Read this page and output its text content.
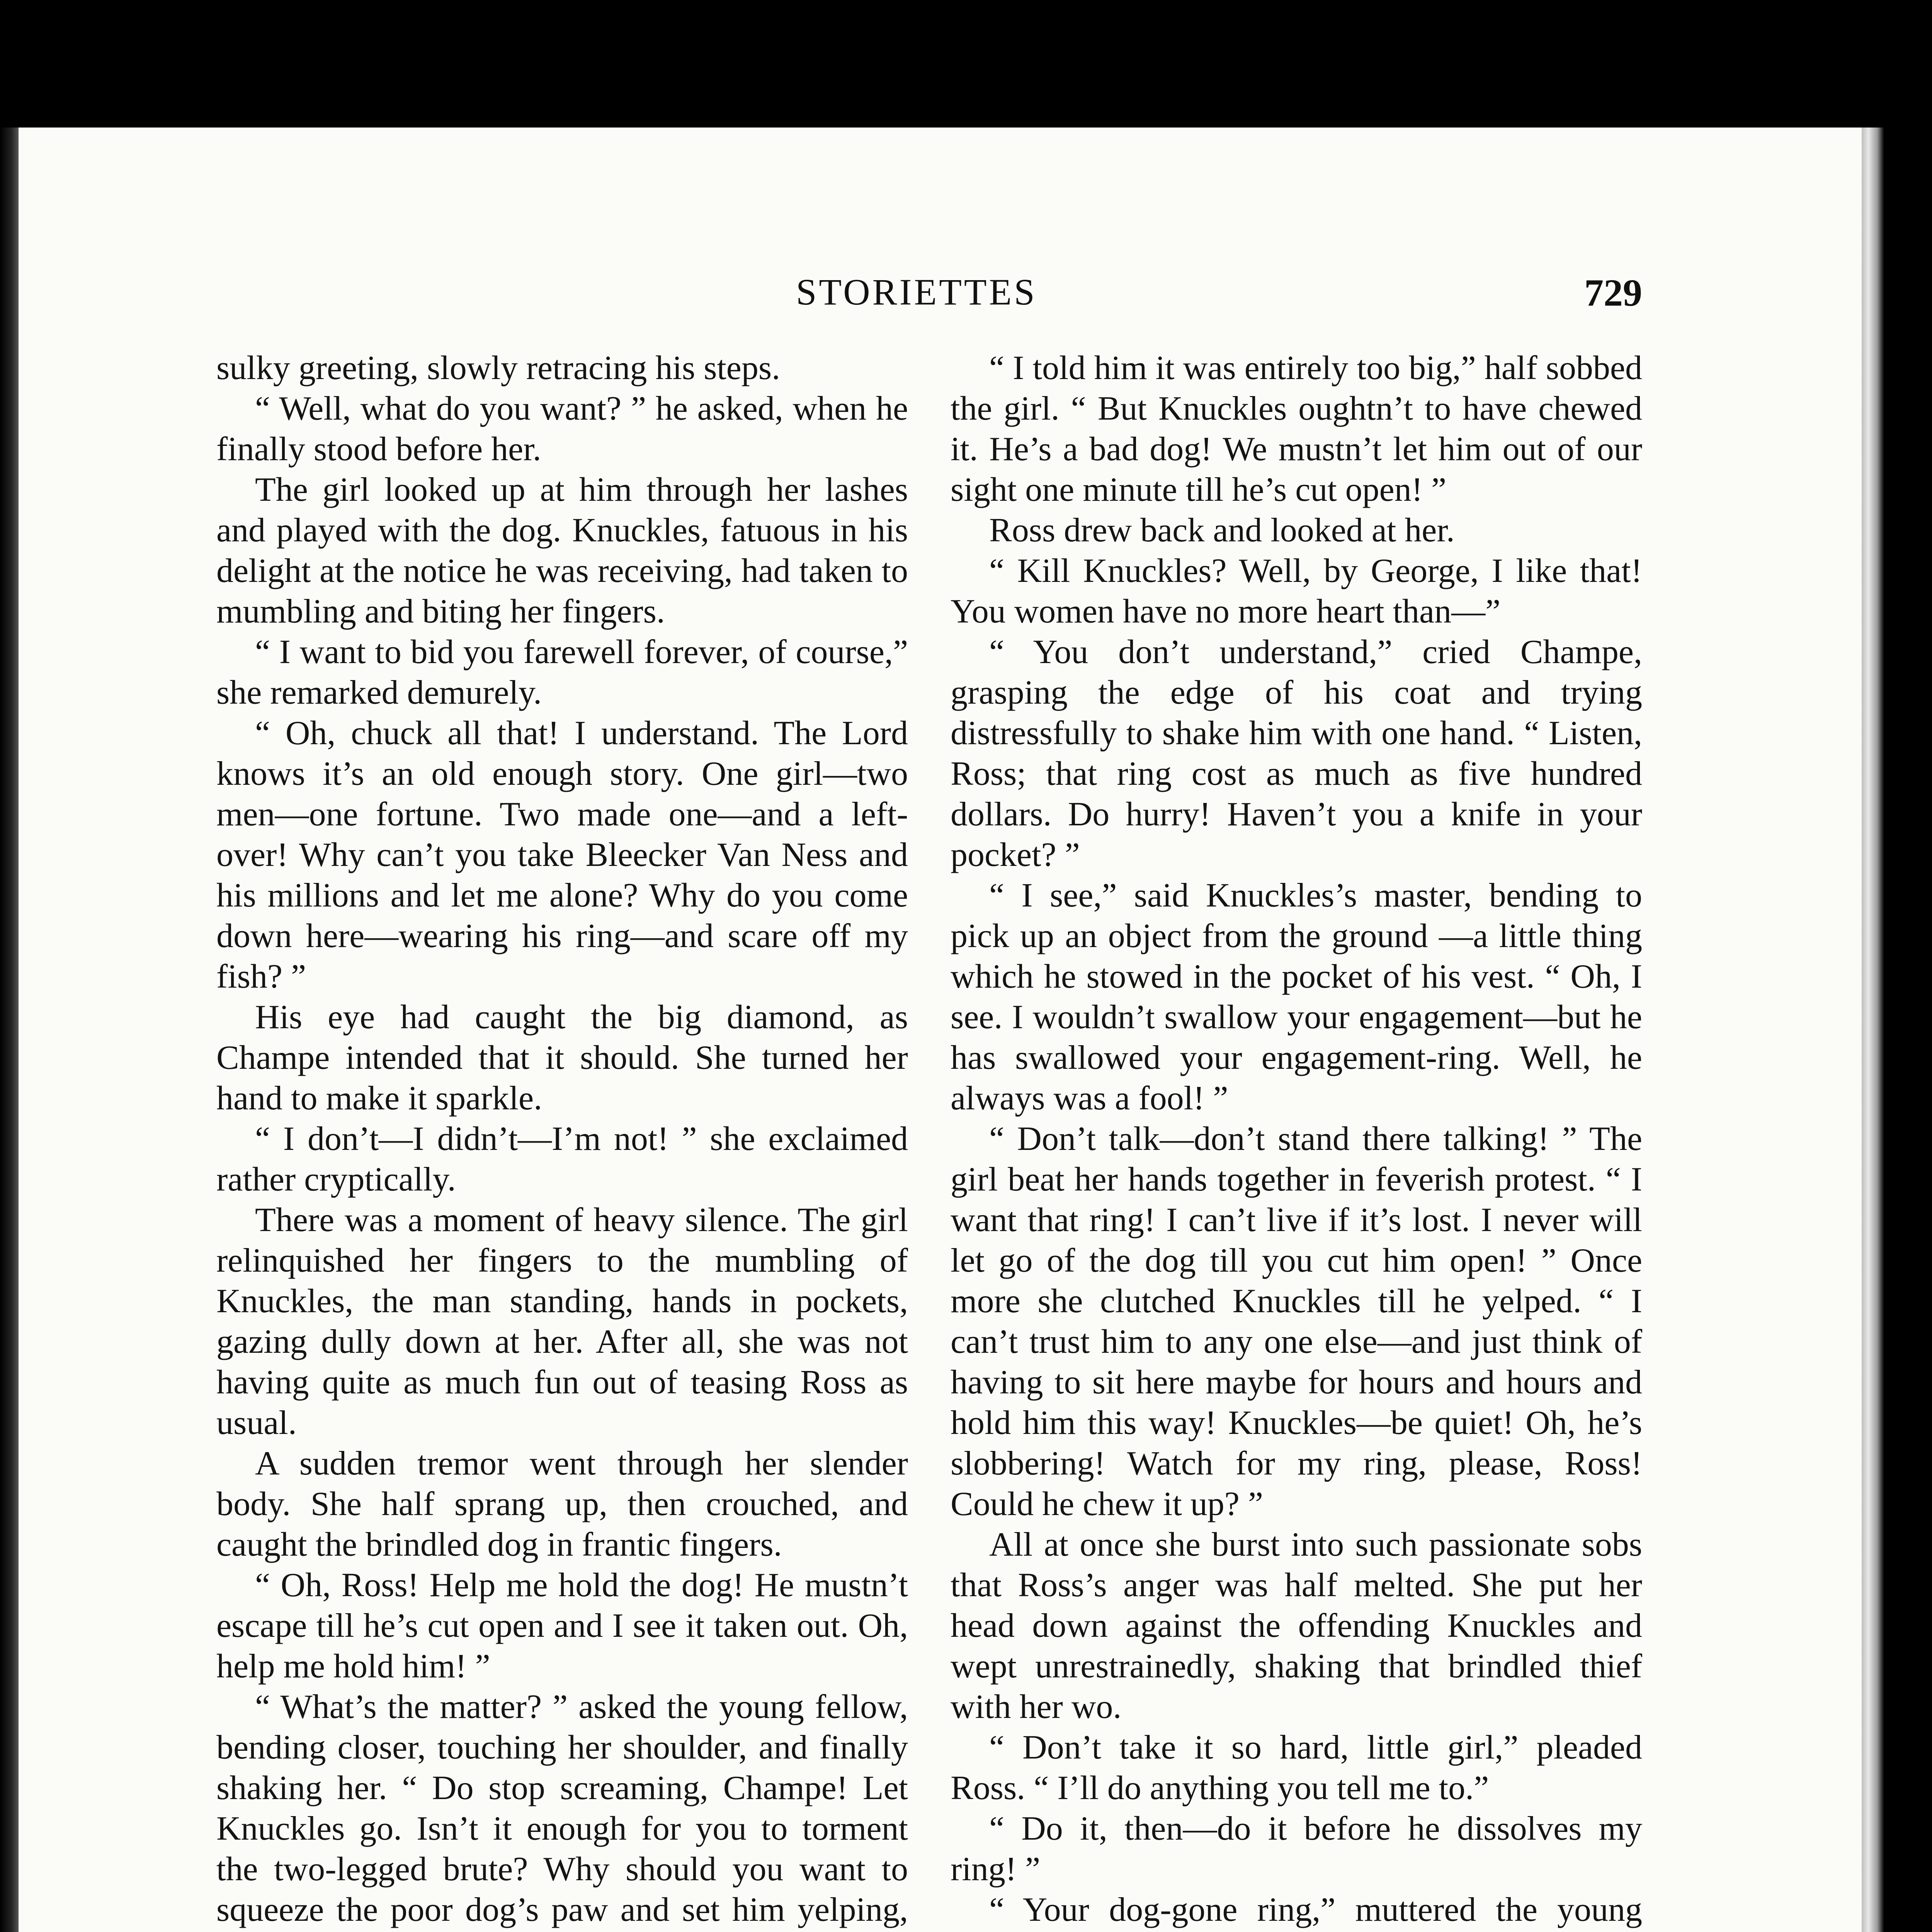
STORIETTES	729

sulky greeting, slowly retracing his steps.

“ Well, what do you want? ” he asked, when he finally stood before her.

The girl looked up at him through her lashes and played with the dog. Knuckles, fatuous in his delight at the notice he was receiving, had taken to mumbling and biting her fingers.

“ I want to bid you farewell forever, of course,” she remarked demurely.

“ Oh, chuck all that! I understand. The Lord knows it’s an old enough story. One girl—two men—one fortune. Two made one—and a left-over! Why can’t you take Bleecker Van Ness and his millions and let me alone? Why do you come down here—wearing his ring—and scare off my fish? ”

His eye had caught the big diamond, as Champe intended that it should. She turned her hand to make it sparkle.

“ I don’t—I didn’t—I’m not! ” she exclaimed rather cryptically.

There was a moment of heavy silence. The girl relinquished her fingers to the mumbling of Knuckles, the man standing, hands in pockets, gazing dully down at her. After all, she was not having quite as much fun out of teasing Ross as usual.

A sudden tremor went through her slender body. She half sprang up, then crouched, and caught the brindled dog in frantic fingers.

“ Oh, Ross! Help me hold the dog! He mustn’t escape till he’s cut open and I see it taken out. Oh, help me hold him! ”

“ What’s the matter? ” asked the young fellow, bending closer, touching her shoulder, and finally shaking her. “ Do stop screaming, Champe! Let Knuckles go. Isn’t it enough for you to torment the two-legged brute? Why should you want to squeeze the poor dog’s paw and set him yelping,

“ I told him it was entirely too big,” half sobbed the girl. “ But Knuckles oughtn’t to have chewed it. He’s a bad dog! We mustn’t let him out of our sight one minute till he’s cut open! ”

Ross drew back and looked at her.

“ Kill Knuckles? Well, by George, I like that! You women have no more heart than—”

“ You don’t understand,” cried Champe, grasping the edge of his coat and trying distressfully to shake him with one hand. “ Listen, Ross; that ring cost as much as five hundred dollars. Do hurry! Haven’t you a knife in your pocket? ”

“ I see,” said Knuckles’s master, bending to pick up an object from the ground —a little thing which he stowed in the pocket of his vest. “ Oh, I see. I wouldn’t swallow your engagement—but he has swallowed your engagement-ring. Well, he always was a fool! ”

“ Don’t talk—don’t stand there talking! ” The girl beat her hands together in feverish protest. “ I want that ring! I can’t live if it’s lost. I never will let go of the dog till you cut him open! ” Once more she clutched Knuckles till he yelped. “ I can’t trust him to any one else—and just think of having to sit here maybe for hours and hours and hold him this way! Knuckles—be quiet! Oh, he’s slobbering! Watch for my ring, please, Ross! Could he chew it up? ”

All at once she burst into such passionate sobs that Ross’s anger was half melted. She put her head down against the offending Knuckles and wept unrestrainedly, shaking that brindled thief with her wo.

“ Don’t take it so hard, little girl,” pleaded Ross. “ I’ll do anything you tell me to.”

“ Do it, then—do it before he dissolves my ring! ”

“ Your dog-gone ring,” muttered the young
